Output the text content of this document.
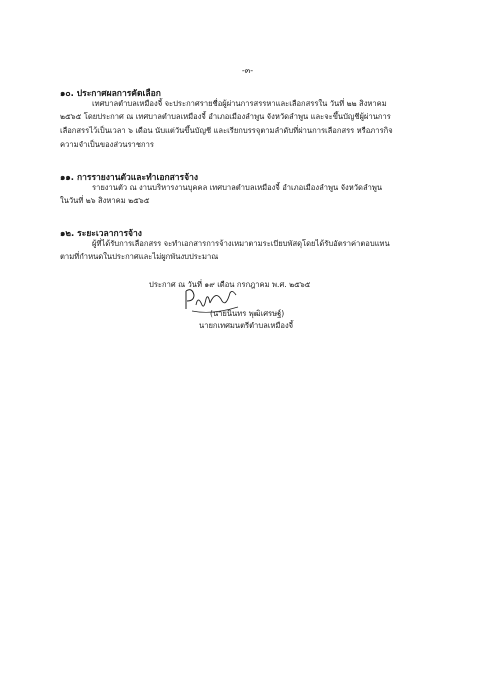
-๓-
๑๐. ประกาศผลการคัดเลือก
เทศบาลตำบลเหมืองจี้ จะประกาศรายชื่อผู้ผ่านการสรรหาและเลือกสรรใน วันที่ ๒๒ สิงหาคม
๒๕๖๕ โดยประกาศ ณ เทศบาลตำบลเหมืองจี้ อำเภอเมืองลำพูน จังหวัดลำพูน และจะขึ้นบัญชีผู้ผ่านการ
เลือกสรรไว้เป็นเวลา ๖ เดือน นับแต่วันขึ้นบัญชี และเรียกบรรจุตามลำดับที่ผ่านการเลือกสรร หรือภารกิจ
ความจำเป็นของส่วนราชการ
๑๑. การรายงานตัวและทำเอกสารจ้าง
รายงานตัว ณ งานบริหารงานบุคคล เทศบาลตำบลเหมืองจี้ อำเภอเมืองลำพูน จังหวัดลำพูน
ในวันที่ ๒๖ สิงหาคม ๒๕๖๕
๑๒. ระยะเวลาการจ้าง
ผู้ที่ได้รับการเลือกสรร จะทำเอกสารการจ้างเหมาตามระเบียบพัสดุโดยได้รับอัตราค่าตอบแทน
ตามที่กำหนดในประกาศและไม่ผูกพันงบประมาณ
ประกาศ ณ วันที่ ๑๙ เดือน กรกฎาคม พ.ศ. ๒๕๖๕
(นายนินทร พุฒิเศรษฐ์)
นายกเทศมนตรีตำบลเหมืองจี้
